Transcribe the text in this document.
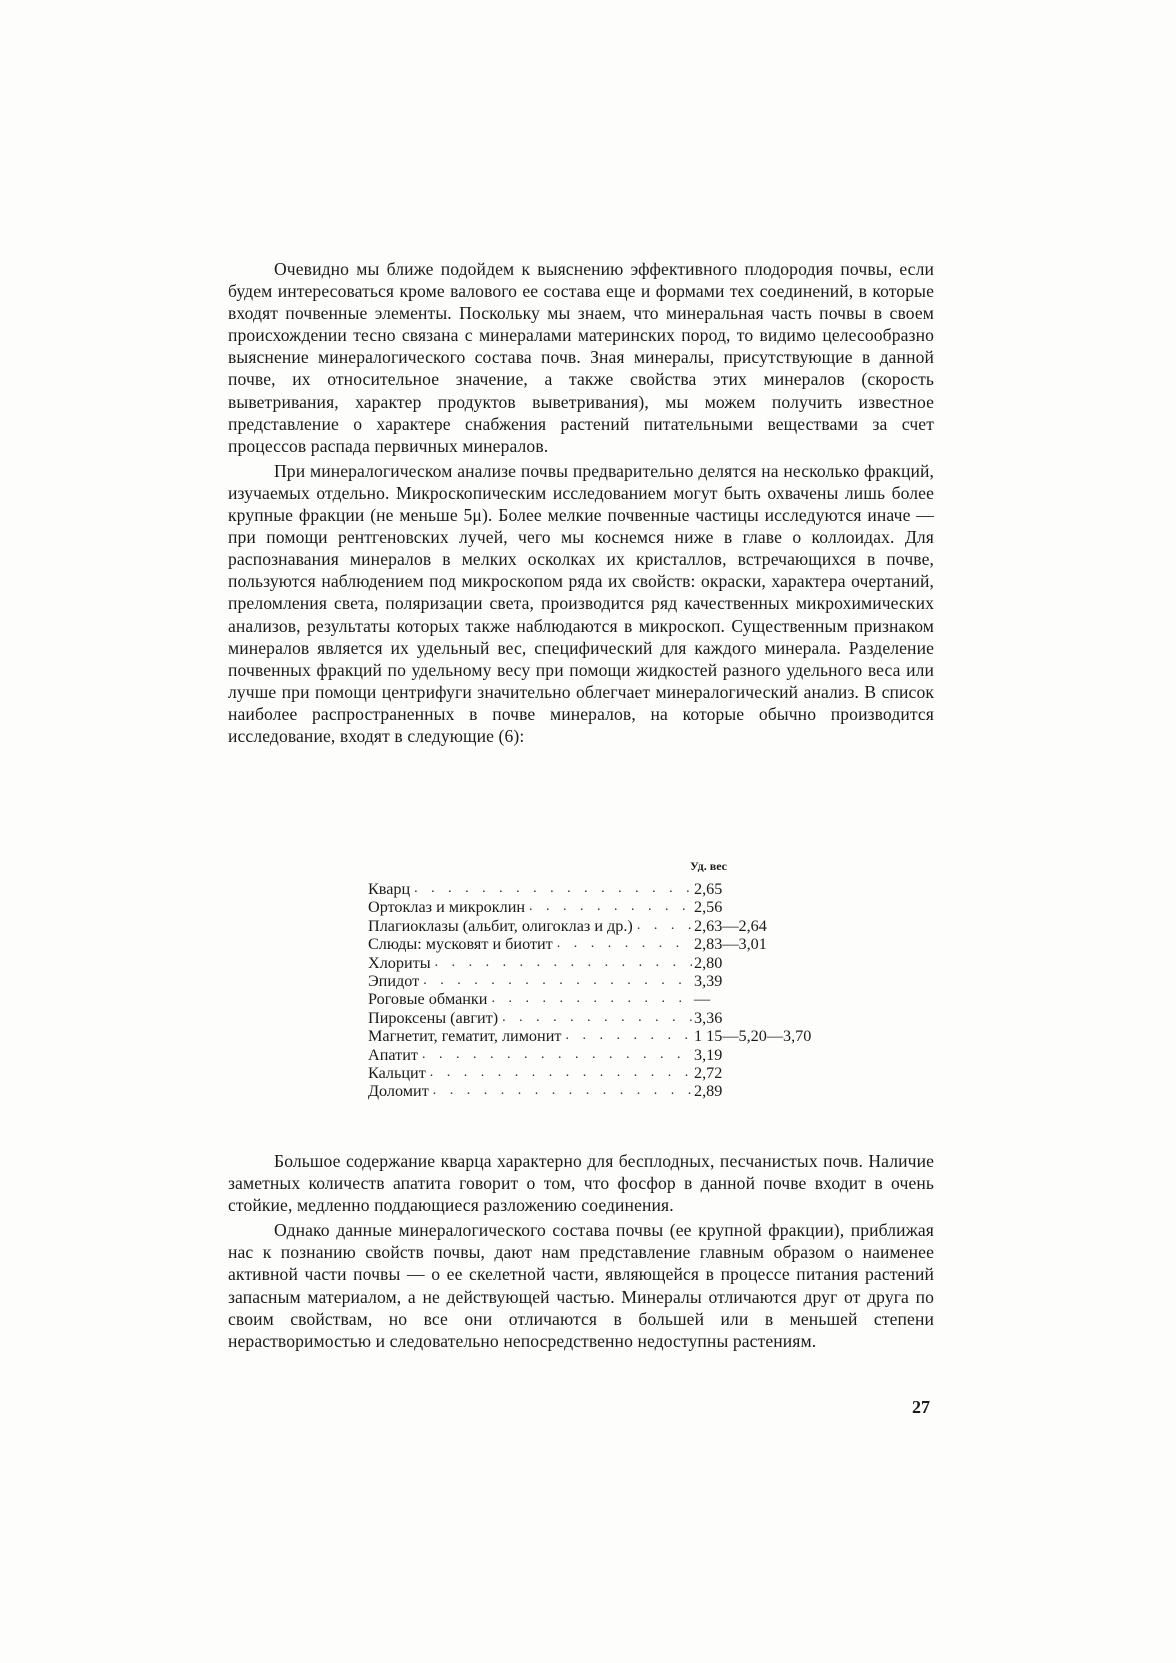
Очевидно мы ближе подойдем к выяснению эффективного плодородия почвы, если будем интересоваться кроме валового ее состава еще и формами тех соединений, в которые входят почвенные элементы. Поскольку мы знаем, что минеральная часть почвы в своем происхождении тесно связана с минералами материнских пород, то видимо целесообразно выяснение минералогического состава почв. Зная минералы, присутствующие в данной почве, их относительное значение, а также свойства этих минералов (скорость выветривания, характер продуктов выветривания), мы можем получить известное представление о характере снабжения растений питательными веществами за счет процессов распада первичных минералов.

При минералогическом анализе почвы предварительно делятся на несколько фракций, изучаемых отдельно. Микроскопическим исследованием могут быть охвачены лишь более крупные фракции (не меньше 5μ). Более мелкие почвенные частицы исследуются иначе — при помощи рентгеновских лучей, чего мы коснемся ниже в главе о коллоидах. Для распознавания минералов в мелких осколках их кристаллов, встречающихся в почве, пользуются наблюдением под микроскопом ряда их свойств: окраски, характера очертаний, преломления света, поляризации света, производится ряд качественных микрохимических анализов, результаты которых также наблюдаются в микроскоп. Существенным признаком минералов является их удельный вес, специфический для каждого минерала. Разделение почвенных фракций по удельному весу при помощи жидкостей разного удельного веса или лучше при помощи центрифуги значительно облегчает минералогический анализ. В список наиболее распространенных в почве минералов, на которые обычно производится исследование, входят в следующие (6):

Уд. вес
Кварц . . .	2,65
Ортоклаз и микроклин . . .	2,56
Плагиоклазы (альбит, олигоклаз и др.) . . .	2,63—2,64
Слюды: мусковят и биотит . . .	2,83—3,01
Хлориты . . .	2,80
Эпидот . . .	3,39
Роговые обманки . . .	—
Пироксены (авгит) . . .	3,36
Магнетит, гематит, лимонит . . .	1 15—5,20—3,70
Апатит . . .	3,19
Кальцит . . .	2,72
Доломит . . .	2,89

Большое содержание кварца характерно для бесплодных, песчанистых почв. Наличие заметных количеств апатита говорит о том, что фосфор в данной почве входит в очень стойкие, медленно поддающиеся разложению соединения.

Однако данные минералогического состава почвы (ее крупной фракции), приближая нас к познанию свойств почвы, дают нам представление главным образом о наименее активной части почвы — о ее скелетной части, являющейся в процессе питания растений запасным материалом, а не действующей частью. Минералы отличаются друг от друга по своим свойствам, но все они отличаются в большей или в меньшей степени нерастворимостью и следовательно непосредственно недоступны растениям.

27
